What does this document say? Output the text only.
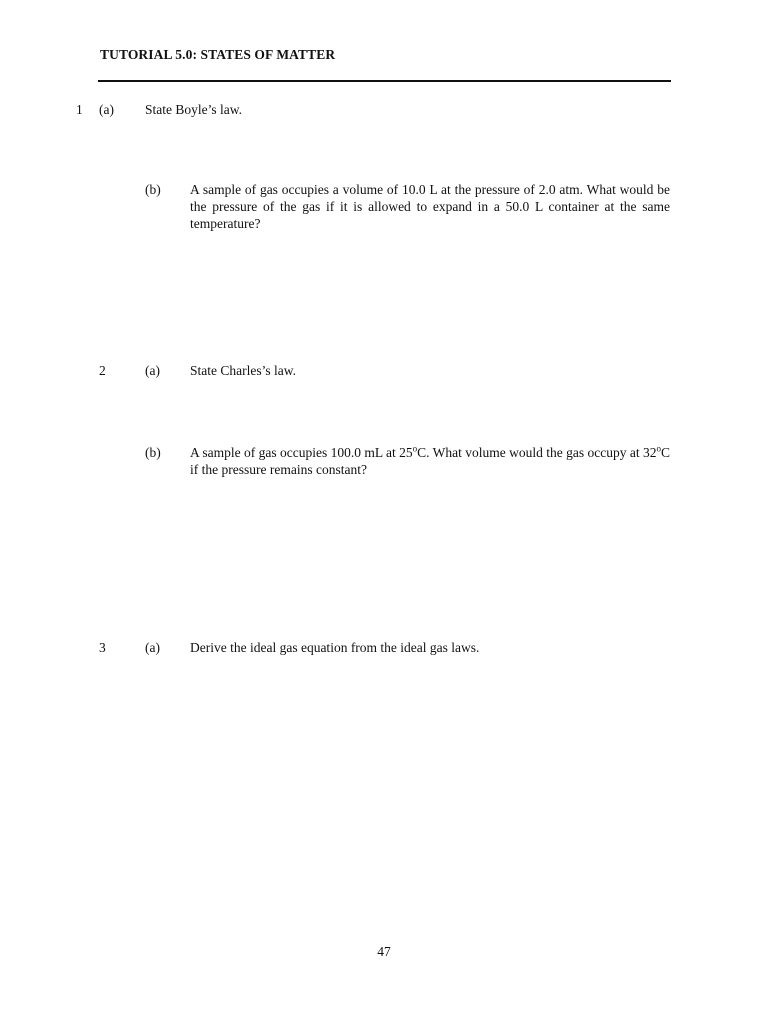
TUTORIAL 5.0: STATES OF MATTER
1 (a) State Boyle’s law.
(b) A sample of gas occupies a volume of 10.0 L at the pressure of 2.0 atm. What would be the pressure of the gas if it is allowed to expand in a 50.0 L container at the same temperature?
2	(a) State Charles’s law.
(b) A sample of gas occupies 100.0 mL at 25$^o$C. What volume would the gas occupy at 32$^o$C if the pressure remains constant?
3	(a) Derive the ideal gas equation from the ideal gas laws.
47
